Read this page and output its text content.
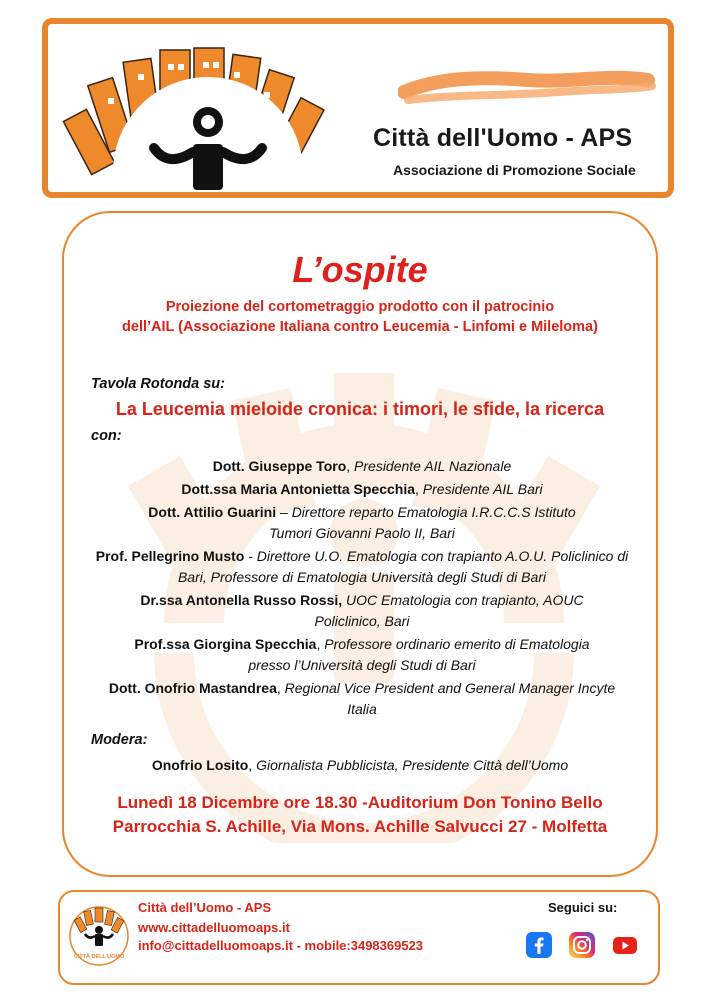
Città dell'Uomo - APS
Associazione di Promozione Sociale
L’ospite
Proiezione del cortometraggio prodotto con il patrocinio
dell’AIL (Associazione Italiana contro Leucemia - Linfomi e Mileloma)
Tavola Rotonda su:
La Leucemia mieloide cronica: i timori, le sfide, la ricerca
con:
Dott. Giuseppe Toro, Presidente AIL Nazionale
Dott.ssa Maria Antonietta Specchia, Presidente AIL Bari
Dott. Attilio Guarini – Direttore reparto Ematologia I.R.C.C.S Istituto Tumori Giovanni Paolo II, Bari
Prof. Pellegrino Musto - Direttore U.O. Ematologia con trapianto A.O.U. Policlinico di Bari, Professore di Ematologia Università degli Studi di Bari
Dr.ssa Antonella Russo Rossi, UOC Ematologia con trapianto, AOUC Policlinico, Bari
Prof.ssa Giorgina Specchia, Professore ordinario emerito di Ematologia presso l’Università degli Studi di Bari
Dott. Onofrio Mastandrea, Regional Vice President and General Manager Incyte Italia
Modera:
Onofrio Losito, Giornalista Pubblicista, Presidente Città dell’Uomo
Lunedì 18 Dicembre ore 18.30 -Auditorium Don Tonino Bello
Parrocchia S. Achille, Via Mons. Achille Salvucci 27 - Molfetta
CITTÀ DELL'UOMO
Città dell’Uomo - APS
www.cittadelluomoaps.it
info@cittadelluomoaps.it - mobile:3498369523
Seguici su:
